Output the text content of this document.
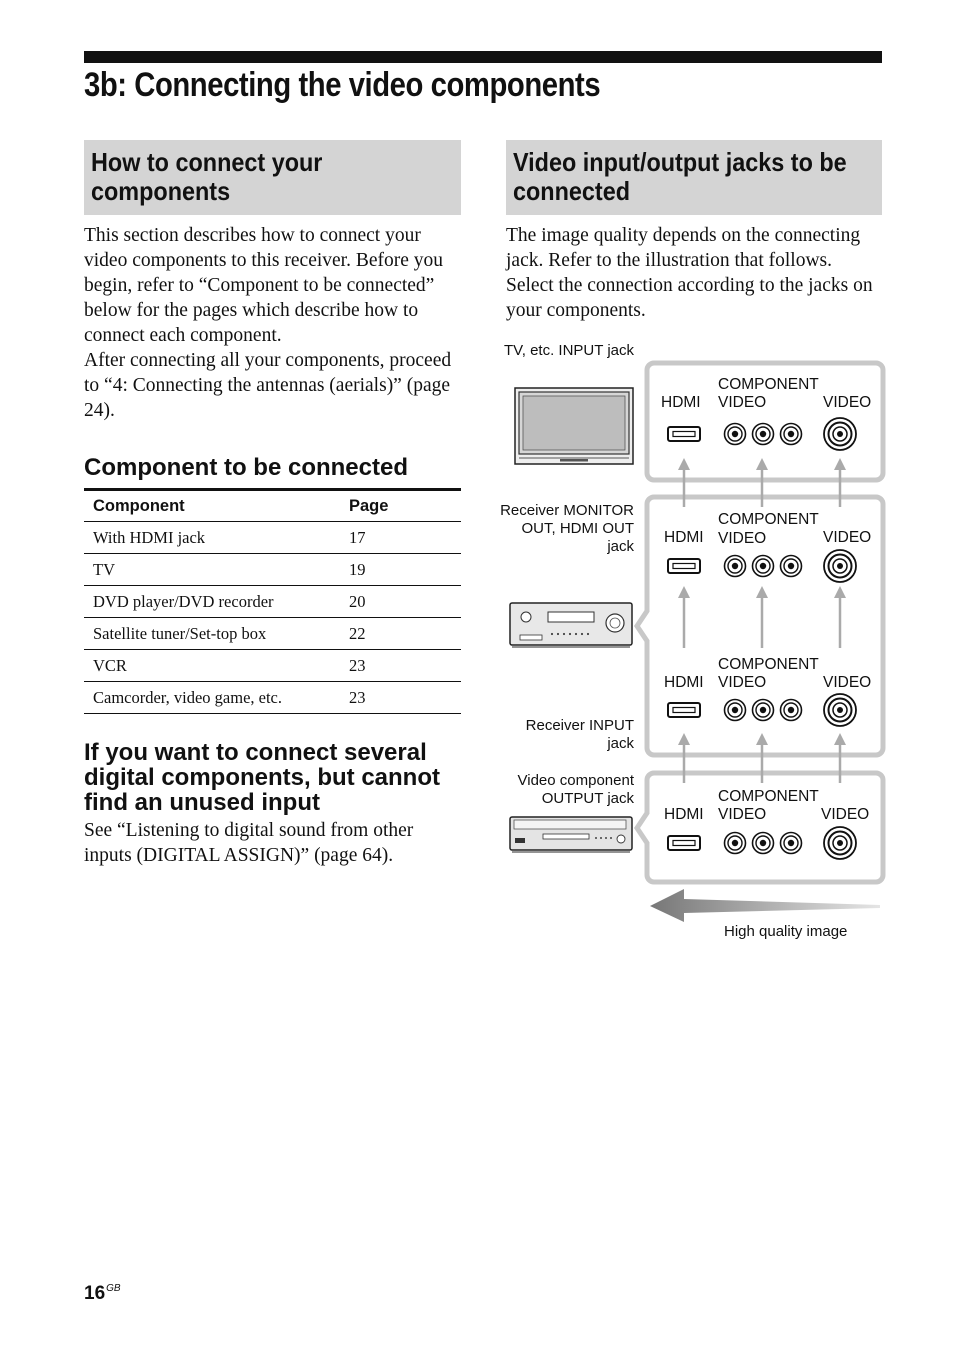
3b: Connecting the video components
How to connect your components

This section describes how to connect your video components to this receiver. Before you begin, refer to “Component to be connected” below for the pages which describe how to connect each component.

After connecting all your components, proceed to “4: Connecting the antennas (aerials)” (page 24).

Component to be connected
Component	Page
With HDMI jack	17
TV	19
DVD player/DVD recorder	20
Satellite tuner/Set-top box	22
VCR	23
Camcorder, video game, etc.	23
If you want to connect several digital components, but cannot find an unused input

See “Listening to digital sound from other inputs (DIGITAL ASSIGN)” (page 64).

Video input/output jacks to be connected

The image quality depends on the connecting jack. Refer to the illustration that follows. Select the connection according to the jacks on your components.

TV, etc. INPUT jack
Receiver MONITOR OUT, HDMI OUT jack
Receiver INPUT jack
Video component OUTPUT jack
HDMI
COMPONENT
VIDEO	VIDEO
HDMI
COMPONENT
VIDEO	VIDEO
HDMI
COMPONENT
VIDEO	VIDEO
HDMI
COMPONENT
VIDEO	VIDEO
High quality image
$16^{GB}$
